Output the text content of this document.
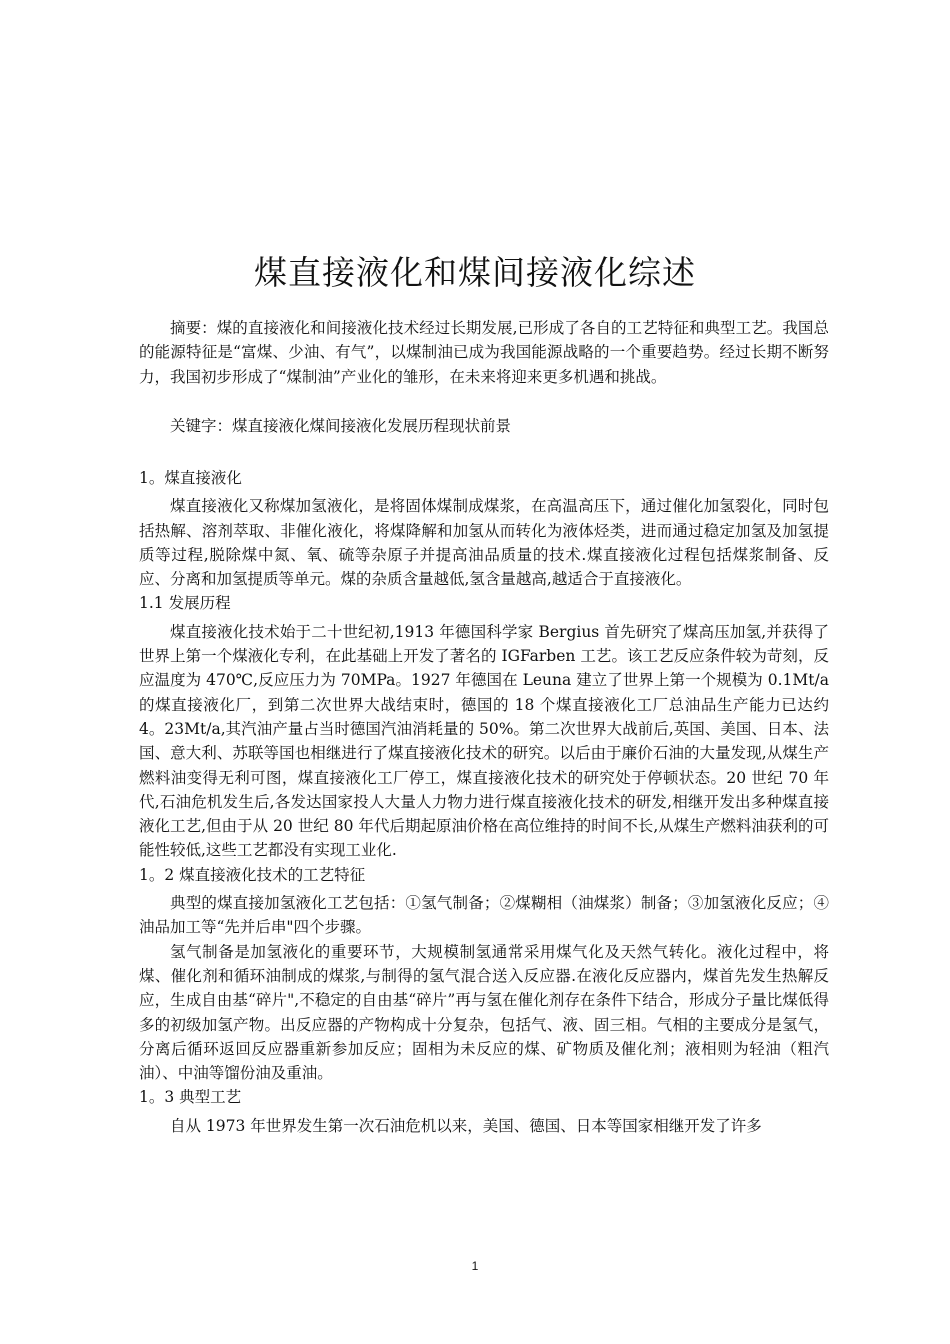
煤直接液化和煤间接液化综述

摘要：煤的直接液化和间接液化技术经过长期发展,已形成了各自的工艺特征和典型工艺。我国总的能源特征是“富煤、少油、有气”，以煤制油已成为我国能源战略的一个重要趋势。经过长期不断努力，我国初步形成了“煤制油”产业化的雏形，在未来将迎来更多机遇和挑战。

关键字：煤直接液化煤间接液化发展历程现状前景

1。煤直接液化

煤直接液化又称煤加氢液化，是将固体煤制成煤浆，在高温高压下，通过催化加氢裂化，同时包括热解、溶剂萃取、非催化液化，将煤降解和加氢从而转化为液体烃类，进而通过稳定加氢及加氢提质等过程,脱除煤中氮、氧、硫等杂原子并提高油品质量的技术.煤直接液化过程包括煤浆制备、反应、分离和加氢提质等单元。煤的杂质含量越低,氢含量越高,越适合于直接液化。

1.1 发展历程

煤直接液化技术始于二十世纪初,1913 年德国科学家 Bergius 首先研究了煤高压加氢,并获得了世界上第一个煤液化专利，在此基础上开发了著名的 IGFarben 工艺。该工艺反应条件较为苛刻，反应温度为 470℃,反应压力为 70MPa。1927 年德国在 Leuna 建立了世界上第一个规模为 0.1Mt/a 的煤直接液化厂，到第二次世界大战结束时，德国的 18 个煤直接液化工厂总油品生产能力已达约 4。23Mt/a,其汽油产量占当时德国汽油消耗量的 50%。第二次世界大战前后,英国、美国、日本、法国、意大利、苏联等国也相继进行了煤直接液化技术的研究。以后由于廉价石油的大量发现,从煤生产燃料油变得无利可图，煤直接液化工厂停工，煤直接液化技术的研究处于停顿状态。20 世纪 70 年代,石油危机发生后,各发达国家投人大量人力物力进行煤直接液化技术的研发,相继开发出多种煤直接液化工艺,但由于从 20 世纪 80 年代后期起原油价格在高位维持的时间不长,从煤生产燃料油获利的可能性较低,这些工艺都没有实现工业化.

1。2 煤直接液化技术的工艺特征

典型的煤直接加氢液化工艺包括：①氢气制备；②煤糊相（油煤浆）制备；③加氢液化反应；④油品加工等“先并后串"四个步骤。

氢气制备是加氢液化的重要环节，大规模制氢通常采用煤气化及天然气转化。液化过程中，将煤、催化剂和循环油制成的煤浆,与制得的氢气混合送入反应器.在液化反应器内，煤首先发生热解反应，生成自由基“碎片",不稳定的自由基“碎片”再与氢在催化剂存在条件下结合，形成分子量比煤低得多的初级加氢产物。出反应器的产物构成十分复杂，包括气、液、固三相。气相的主要成分是氢气，分离后循环返回反应器重新参加反应；固相为未反应的煤、矿物质及催化剂；液相则为轻油（粗汽油）、中油等馏份油及重油。

1。3 典型工艺

自从 1973 年世界发生第一次石油危机以来，美国、德国、日本等国家相继开发了许多

1
